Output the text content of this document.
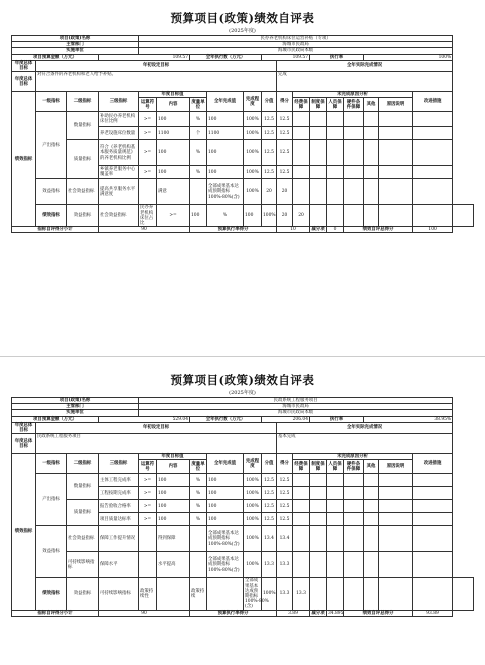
预算项目(政策)绩效自评表
(2025年度)
项目(政策)名称				民办养老机构床位运营补贴（专项）														
主管部门				海城市民政局														
实施单位				海城市民政局本级														
项目预算金额（万元）			109.57			全年执行数（万元）			109.57			执行率			100%			
年度总体目标	年初设定目标									全年实际完成情况								
年度总体目标	对符合条件的养老机构和老人给予补贴。									完成								
绩效指标	一级指标	二级指标	三级指标	年度目标值			全年完成值	完成程度	分值	得分	未完成原因分析						改进措施	
				运算符号	内容	度量单位					经费保障	制度保障	人员保障	硬件条件保障	其他	原因说明		
	产出指标	数量指标	补助民办养老机构床位比例	>=	100	%	100	100%	12.5	12.5								
			养老设施床位数量	>=	1100	个	1100	100%	12.5	12.5								
		质量指标	符合《养老机构基本服务质量规范》的养老机构比例	>=	100	%	100	100%	12.5	12.5								
			乡镇养老服务中心覆盖率	>=	100	%	100	100%	12.5	12.5								
	效益指标	社会效益指标	提高共享服务水平满意度		满意		全部成果基本达成预期指标100%-80%(含)	100%	20	20								
	绩效指标	效益指标	社会效益指标	民办养老机构床位占比	>=	100	%	100	100%	20	20							
指标自评得分小计			90			预算执行率得分				10		减分项	0	绩效自评总得分			100	
预算项目(政策)绩效自评表
(2025年度)
项目(政策)名称				民政系统工程服务项目														
主管部门				海城市民政局														
实施单位				海城市民政局本级														
项目预算金额（万元）			529.04			全年执行数（万元）			206.04			执行率			38.95%			
年度总体目标	年初设定目标									全年实际完成情况								
年度总体目标	民政系统工程服务项目									基本完成								
绩效指标	一级指标	二级指标	三级指标	年度目标值			全年完成值	完成程度	分值	得分	未完成原因分析						改进措施	
				运算符号	内容	度量单位					经费保障	制度保障	人员保障	硬件条件保障	其他	原因说明		
	产出指标	数量指标	主体工程完成率	>=	100	%	100	100%	12.5	12.5								
			工程按期完成率	>=	100	%	100	100%	12.5	12.5								
		质量指标	报告验收合格率	>=	100	%	100	100%	12.5	12.5								
			项目质量达标率	>=	100	%	100	100%	12.5	12.5								
	效益指标	社会效益指标	保障工作提升情况		得到保障		全部成果基本达成预期指标100%-80%(含)	100%	13.4	13.4								
		可持续影响指标	保障水平		水平提高		全部成果基本达成预期指标100%-80%(含)	100%	13.3	13.3								
	绩效指标	效益指标	可持续影响指标	政策持续性		政策持续		全部成果基本达成预期指标100%-80%(含)	100%	13.3	13.3							
指标自评得分小计			90			预算执行率得分				3.89		减分项	34.895	绩效自评总得分			93.89	
